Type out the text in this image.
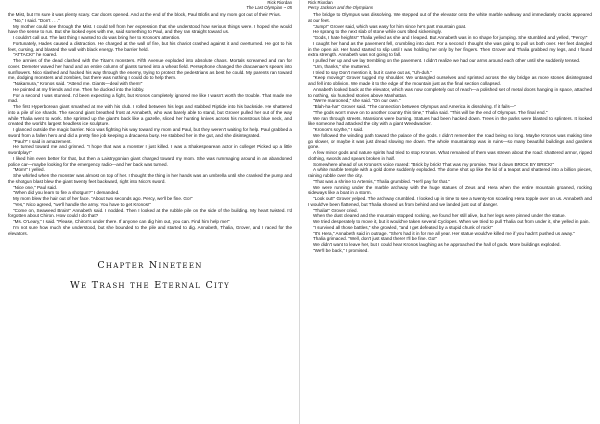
Rick Riordan
The Last Olympian ~ 05

the Mist, but I'm sure it was plenty scary. Car doors opened. And at the end of the block, Paul Blofis and my mom got out of their Prius.

"No," I said. "Don't . . ."

My mother could see through the Mist. I could tell from her expression that she understood how serious things were. I hoped she would have the sense to run. But she looked eyes with me, said something to Paul, and they ran straight toward us.

I couldn't call out. The last thing I wanted to do was bring her to Kronos's attention.

Fortunately, Hades caused a distraction. He charged at the wall of fire, but his chariot crashed against it and overturned. He got to his feet, cursing, and blasted the wall with black energy. The barrier held.

"ATTACK!" he roared.

The armies of the dead clashed with the Titan's monsters. Fifth Avenue exploded into absolute chaos. Mortals screamed and ran for cover. Demeter waved her hand and an entire column of giants turned into a wheat field. Persephone changed the dracaenae's spears into sunflowers. Nico slashed and hacked his way through the enemy, trying to protect the pedestrians as best he could. My parents ran toward me, dodging monsters and zombies, but there was nothing I could do to help them.

"Nakamura," Kronos said. "Attend me. Giants—deal with them!"

He pointed at my friends and me. Then he ducked into the lobby.

For a second I was stunned. I'd been expecting a fight, but Kronos completely ignored me like I wasn't worth the trouble. That made me mad.

The first Hyperborean giant smashed at me with his club. I rolled between his legs and stabbed Riptide into his backside. He shattered into a pile of ice shards. The second giant breathed frost at Annabeth, who was barely able to stand, but Grover pulled her out of the way while Thalia went to work. She sprinted up the giant's back like a gazelle, sliced her hunting knives across his monstrous blue neck, and created the world's largest headless ice sculpture.

I glanced outside the magic barrier. Nico was fighting his way toward my mom and Paul, but they weren't waiting for help. Paul grabbed a sword from a fallen hero and did a pretty fine job keeping a dracaena busy. He stabbed her in the gut, and she disintegrated.

"Paul?" I said in amazement.

He turned toward me and grinned. "I hope that was a monster I just killed. I was a Shakespearean actor in college! Picked up a little swordplay!"

I liked him even better for that, but then a Laistrygonian giant charged toward my mom. She was rummaging around in an abandoned police car—maybe looking for the emergency radio—and her back was turned.

"Mom!" I yelled.

She whirled when the monster was almost on top of her. I thought the thing in her hands was an umbrella until she cranked the pump and the shotgun blast blew the giant twenty feet backward, right into Nico's sword.

"Nice one," Paul said.

"When did you learn to fire a shotgun?" I demanded.

My mom blew the hair out of her face. "About two seconds ago. Percy, we'll be fine. Go!"

"Yes," Nico agreed, "we'll handle the army. You have to get Kronos!"

"Come on, Seaweed Brain!" Annabeth said. I nodded. Then I looked at the rubble pile on the side of the building. My heart twisted. I'd forgotten about Chiron. How could I do that?

"Ms. O'Leary," I said. "Please, Chiron's under there. If anyone can dig him out, you can. Find him help me!"

I'm not sure how much she understood, but she bounded to the pile and started to dig. Annabeth, Thalia, Grover, and I raced for the elevators.

Chapter Nineteen
We Trash the Eternal City
Rick Riordan
Percy Jackson and the Olympians

The bridge to Olympus was dissolving. We stepped out of the elevator onto the white marble walkway and immediately cracks appeared at our feet.

"Jump!" Grover said, which was easy for him since he's part mountain goat.

He sprang to the next slab of stone while ours tilted sickeningly.

"Gods, I hate heights!" Thalia yelled as she and I leaped. But Annabeth was in no shape for jumping. She stumbled and yelled, "Percy!"

I caught her hand as the pavement fell, crumbling into dust. For a second I thought she was going to pull us both over. Her feet dangled in the open air. Her hand started to slip until I was holding her only by her fingers. Then Grover and Thalia grabbed my legs, and I found extra strength. Annabeth was not going to fall.

I pulled her up and we lay trembling on the pavement. I didn't realize we had our arms around each other until she suddenly tensed.

"Um, thanks," she muttered.

I tried to say Don't mention it, but it came out as, "Uh-duh."

"Keep moving!" Grover tugged my shoulder. We untangled ourselves and sprinted across the sky bridge as more stones disintegrated and fell into oblivion. We made it to the edge of the mountain just as the final section collapsed.

Annabeth looked back at the elevator, which was now completely out of reach—a polished set of metal doors hanging in space, attached to nothing, six hundred stories above Manhattan.

"We're marooned," she said. "On our own."

"Blah-ha-ha!" Grover said. "The connection between Olympus and America is dissolving. If it fails—"

"The gods won't move on to another country this time," Thalia said. "This will be the end of Olympus. The final end."

We ran through streets. Mansions were burning. Statues had been hacked down. Trees in the parks were blasted to splinters. It looked like someone had attacked the city with a giant Weedwacker.

"Kronos's scythe," I said.

We followed the winding path toward the palace of the gods. I didn't remember the road being so long. Maybe Kronos was making time go slower, or maybe it was just dread slowing me down. The whole mountaintop was in ruins—so many beautiful buildings and gardens gone.

A few minor gods and nature spirits had tried to stop Kronos. What remained of them was strewn about the road: shattered armor, ripped clothing, swords and spears broken in half.

Somewhere ahead of us Kronos's voice roared: "Brick by brick! That was my promise. Tear it down BRICK BY BRICK!"

A white marble temple with a gold dome suddenly exploded. The dome shot up like the lid of a teapot and shattered into a billion pieces, raining rubble over the city.

"That was a shrine to Artemis," Thalia grumbled. "He'll pay for that."

We were running under the marble archway with the huge statues of Zeus and Hera when the entire mountain groaned, rocking sideways like a boat in a storm.

"Look out!" Grover yelped. The archway crumbled. I looked up in time to see a twenty-ton scowling Hera topple over on us. Annabeth and I would've been flattened, but Thalia shoved us from behind and we landed just out of danger.

"Thalia!" Grover cried.

When the dust cleared and the mountain stopped rocking, we found her still alive, but her legs were pinned under the statue.

We tried desperately to move it, but it would've taken several Cyclopes. When we tried to pull Thalia out from under it, she yelled in pain.

"I survived all those battles," she growled, "and I get defeated by a stupid chunk of rock!"

"It's Hera," Annabeth said in outrage. "She's had it in for me all year. Her statue would've killed me if you hadn't pushed us away."

Thalia grimaced. "Well, don't just stand there! I'll be fine. Go!"

We didn't want to leave her, but I could hear Kronos laughing as he approached the hall of gods. More buildings exploded.

"We'll be back," I promised.
